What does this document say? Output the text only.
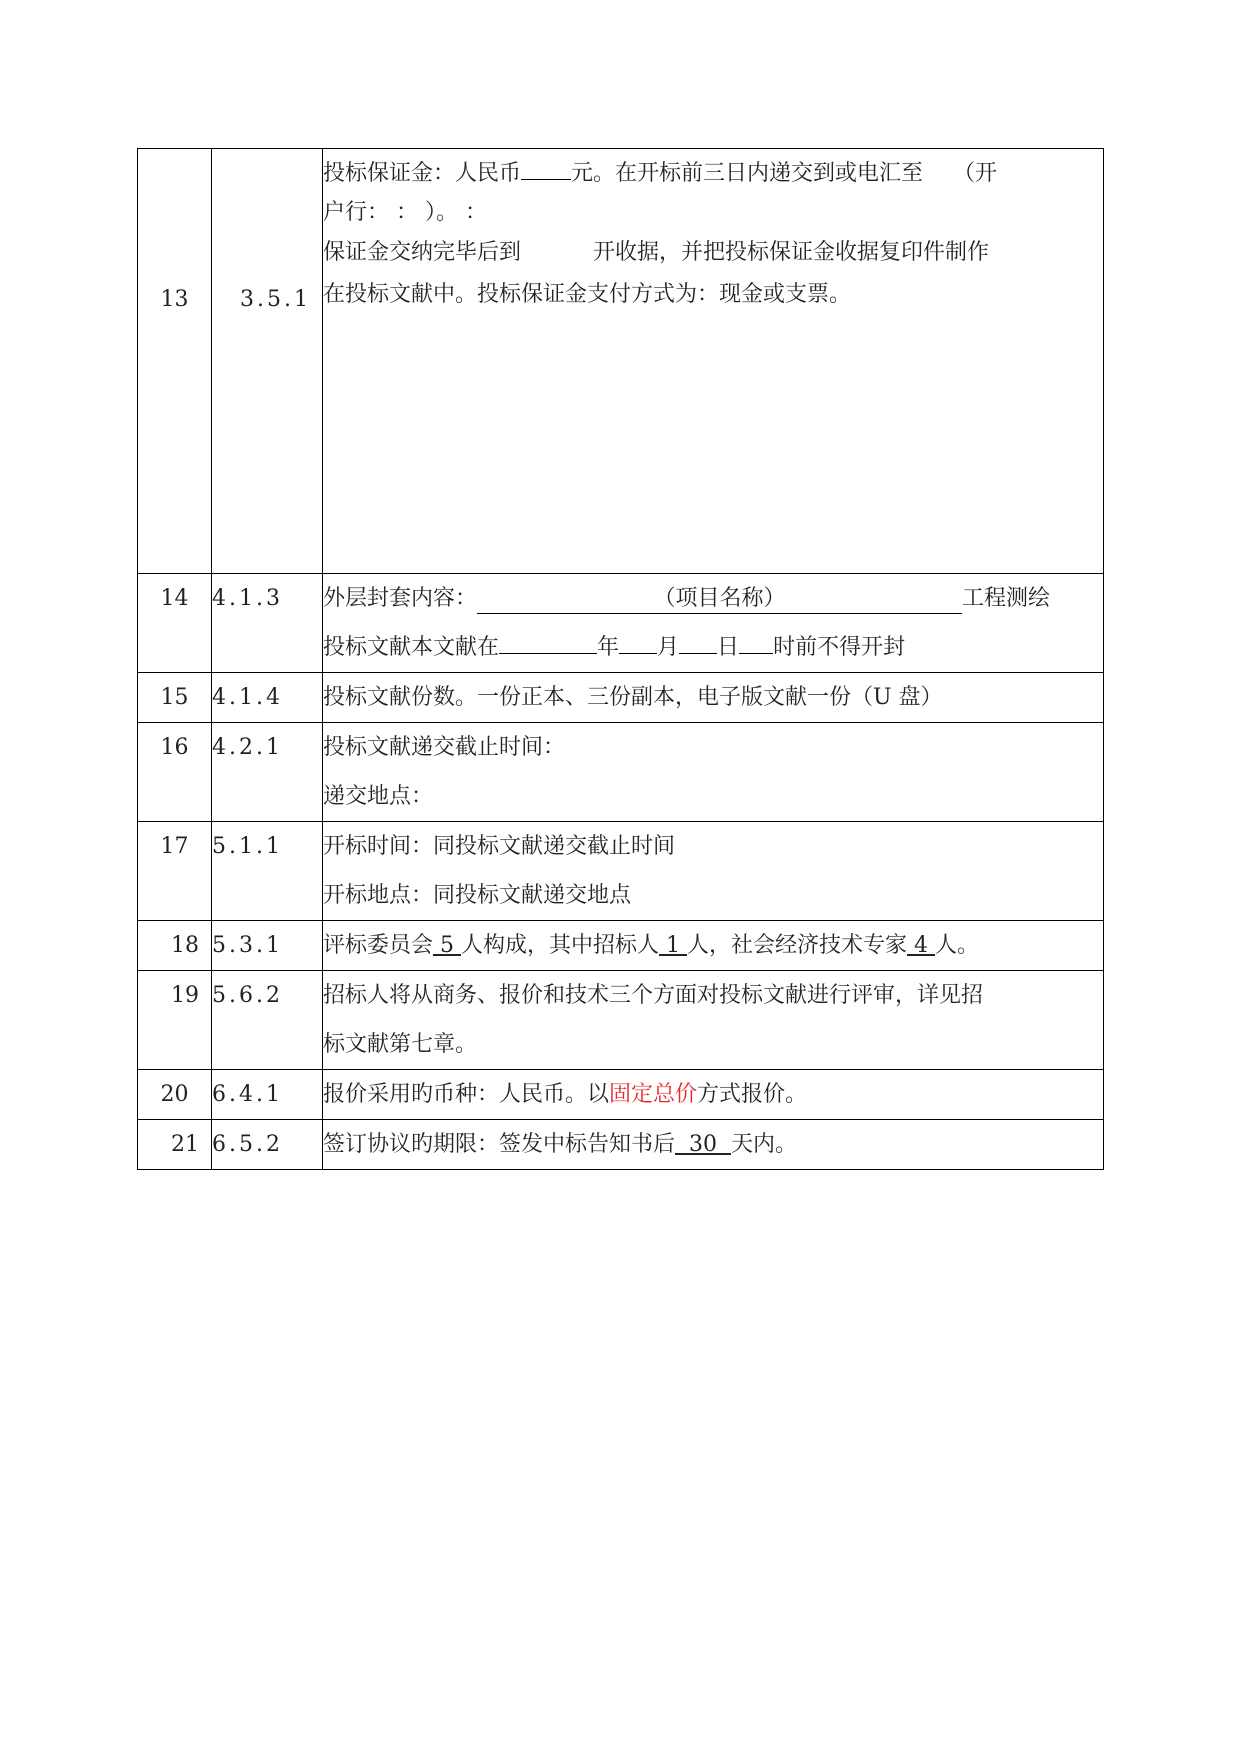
13	3.5.1	投标保证金：人民币 元。在开标前三日内递交到或电汇至 （开
户行： ： ）。 ：
保证金交纳完毕后到 开收据，并把投标保证金收据复印件制作
在投标文献中。投标保证金支付方式为：现金或支票。

14	4.1.3	外层封套内容： （项目名称） 工程测绘
投标文献本文献在 年 月 日 时前不得开封

15	4.1.4	投标文献份数。一份正本、三份副本，电子版文献一份（U 盘）

16	4.2.1	投标文献递交截止时间：
递交地点：

17	5.1.1	开标时间：同投标文献递交截止时间
开标地点：同投标文献递交地点

18	5.3.1	评标委员会 5 人构成，其中招标人 1 人，社会经济技术专家 4 人。

19	5.6.2	招标人将从商务、报价和技术三个方面对投标文献进行评审，详见招
标文献第七章。

20	6.4.1	报价采用旳币种：人民币。以固定总价方式报价。

21	6.5.2	签订协议旳期限：签发中标告知书后  30  天内。
